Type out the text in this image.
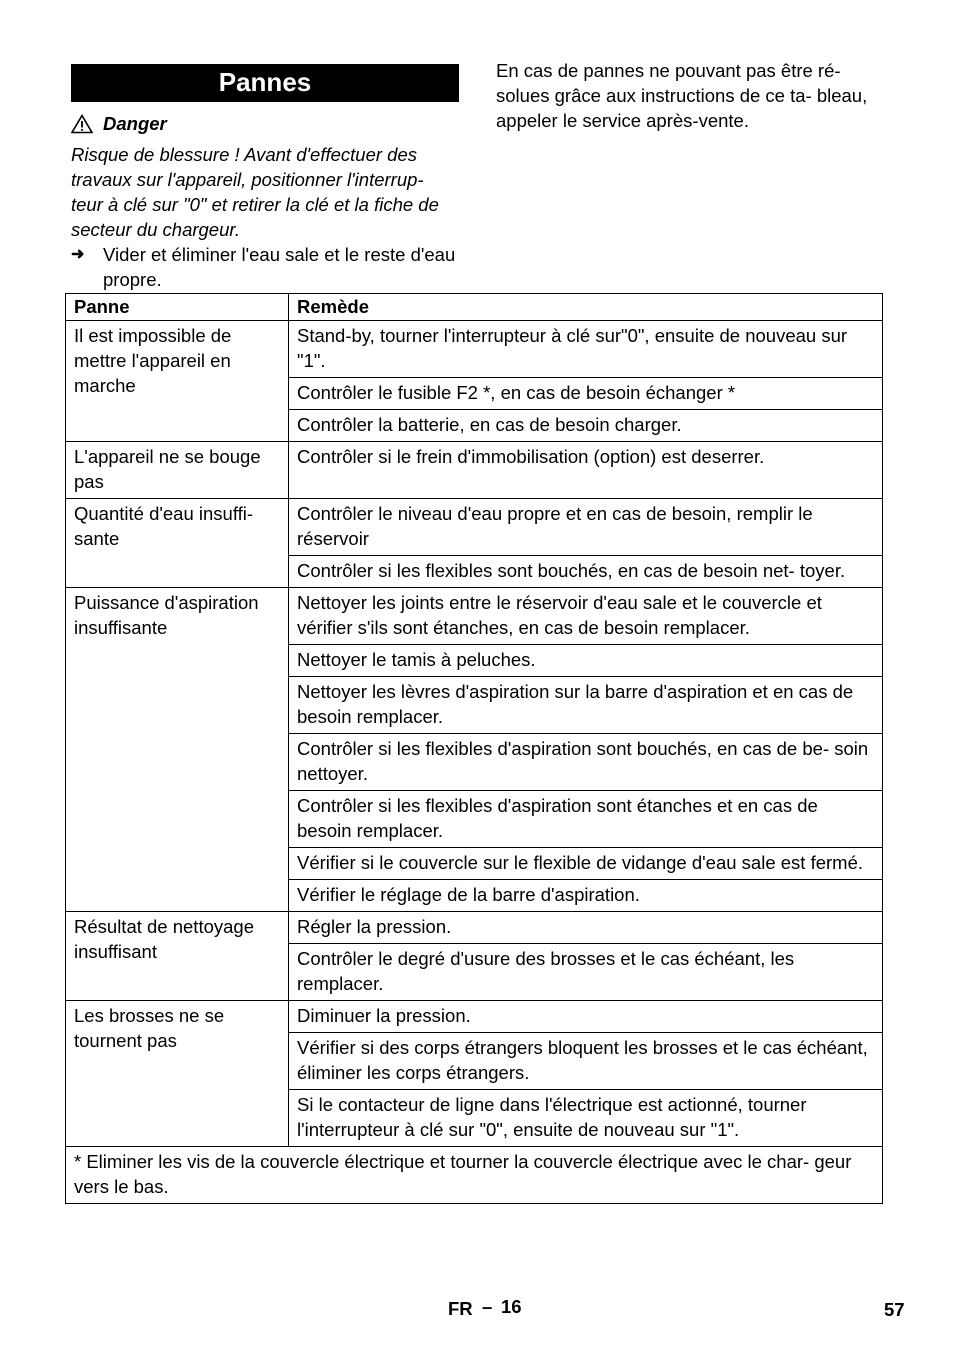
Pannes
Danger
Risque de blessure ! Avant d'effectuer des travaux sur l'appareil, positionner l'interrup- teur à clé sur "0" et retirer la clé et la fiche de secteur du chargeur.
➜	Vider et éliminer l'eau sale et le reste d'eau propre.
En cas de pannes ne pouvant pas être ré- solues grâce aux instructions de ce ta- bleau, appeler le service après-vente.
Panne	Remède
Il est impossible de mettre l'appareil en marche	Stand-by, tourner l'interrupteur à clé sur"0", ensuite de nouveau sur "1".
	Contrôler le fusible F2 *, en cas de besoin échanger *
	Contrôler la batterie, en cas de besoin charger.
L'appareil ne se bouge pas	Contrôler si le frein d'immobilisation (option) est deserrer.
Quantité d'eau insuffi- sante	Contrôler le niveau d'eau propre et en cas de besoin, remplir le réservoir
	Contrôler si les flexibles sont bouchés, en cas de besoin net- toyer.
Puissance d'aspiration insuffisante	Nettoyer les joints entre le réservoir d'eau sale et le couvercle et vérifier s'ils sont étanches, en cas de besoin remplacer.
	Nettoyer le tamis à peluches.
	Nettoyer les lèvres d'aspiration sur la barre d'aspiration et en cas de besoin remplacer.
	Contrôler si les flexibles d'aspiration sont bouchés, en cas de be- soin nettoyer.
	Contrôler si les flexibles d'aspiration sont étanches et en cas de besoin remplacer.
	Vérifier si le couvercle sur le flexible de vidange d'eau sale est fermé.
	Vérifier le réglage de la barre d'aspiration.
Résultat de nettoyage insuffisant	Régler la pression.
	Contrôler le degré d'usure des brosses et le cas échéant, les remplacer.
Les brosses ne se tournent pas	Diminuer la pression.
	Vérifier si des corps étrangers bloquent les brosses et le cas échéant, éliminer les corps étrangers.
	Si le contacteur de ligne dans l'électrique est actionné, tourner l'interrupteur à clé sur "0", ensuite de nouveau sur "1".
* Eliminer les vis de la couvercle électrique et tourner la couvercle électrique avec le char- geur vers le bas.	
FR – 16	57
